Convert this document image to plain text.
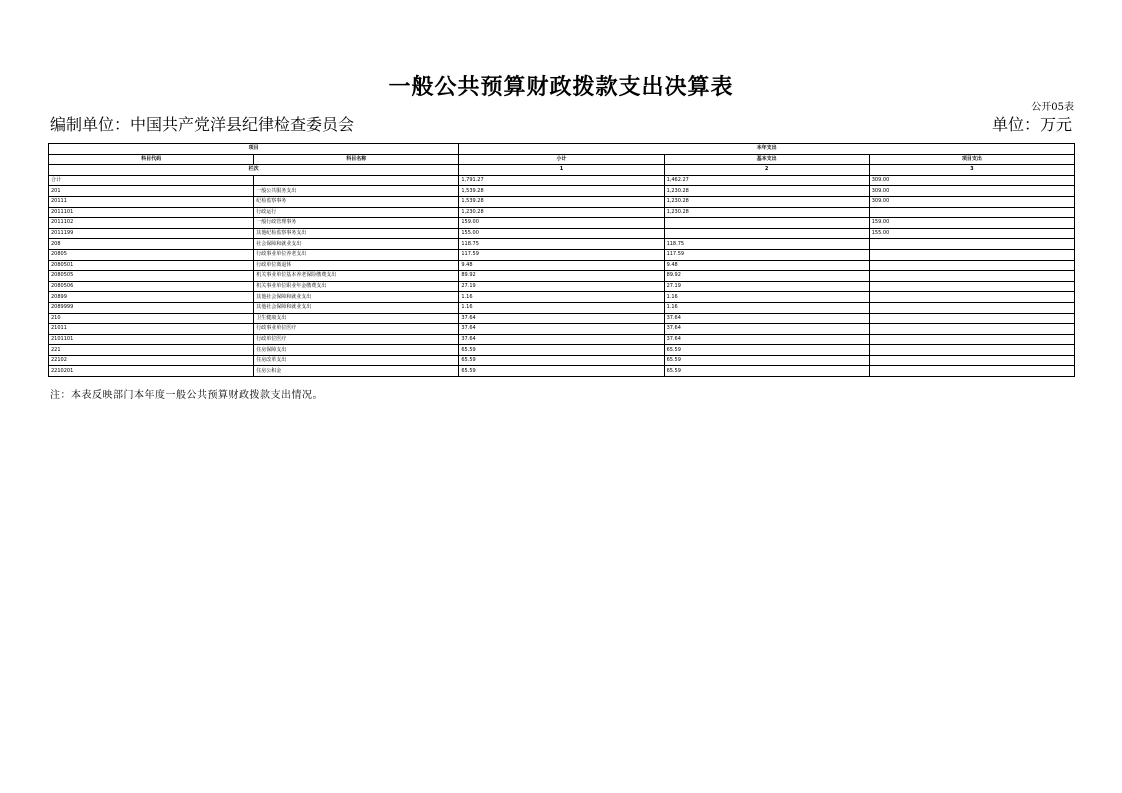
一般公共预算财政拨款支出决算表
公开05表
编制单位：中国共产党洋县纪律检查委员会	单位：万元
项目		本年支出		
科目代码	科目名称	小计	基本支出	项目支出
栏次		1	2	3
合计		1,791.27	1,462.27	309.00
201	一般公共服务支出	1,539.28	1,230.28	309.00
20111	纪检监察事务	1,539.28	1,230.28	309.00
2011101	行政运行	1,230.28	1,230.28	
2011102	一般行政管理事务	159.00		159.00
2011199	其他纪检监察事务支出	155.00		155.00
208	社会保障和就业支出	118.75	118.75	
20805	行政事业单位养老支出	117.59	117.59	
2080501	行政单位离退休	9.48	9.48	
2080505	机关事业单位基本养老保险缴费支出	89.92	89.92	
2080506	机关事业单位职业年金缴费支出	27.19	27.19	
20899	其他社会保障和就业支出	1.16	1.16	
2089999	其他社会保障和就业支出	1.16	1.16	
210	卫生健康支出	37.64	37.64	
21011	行政事业单位医疗	37.64	37.64	
2101101	行政单位医疗	37.64	37.64	
221	住房保障支出	65.59	65.59	
22102	住房改革支出	65.59	65.59	
2210201	住房公积金	65.59	65.59	
注：本表反映部门本年度一般公共预算财政拨款支出情况。
